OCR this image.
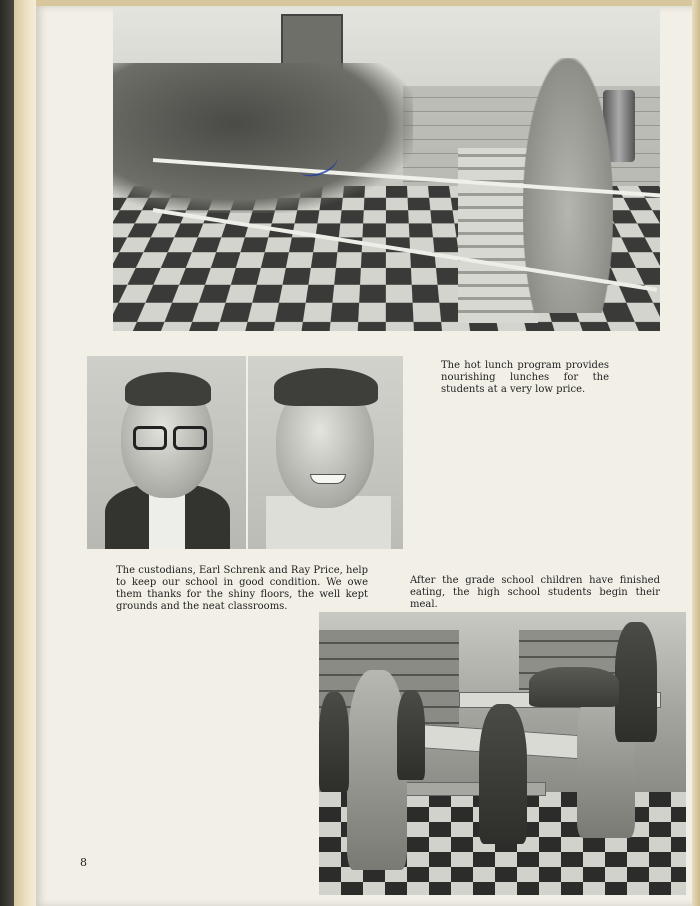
The hot lunch program provides nourishing lunches for the students at a very low price.

The custodians, Earl Schrenk and Ray Price, help to keep our school in good condition. We owe them thanks for the shiny floors, the well kept grounds and the neat classrooms.

After the grade school children have finished eating, the high school students begin their meal.

8
